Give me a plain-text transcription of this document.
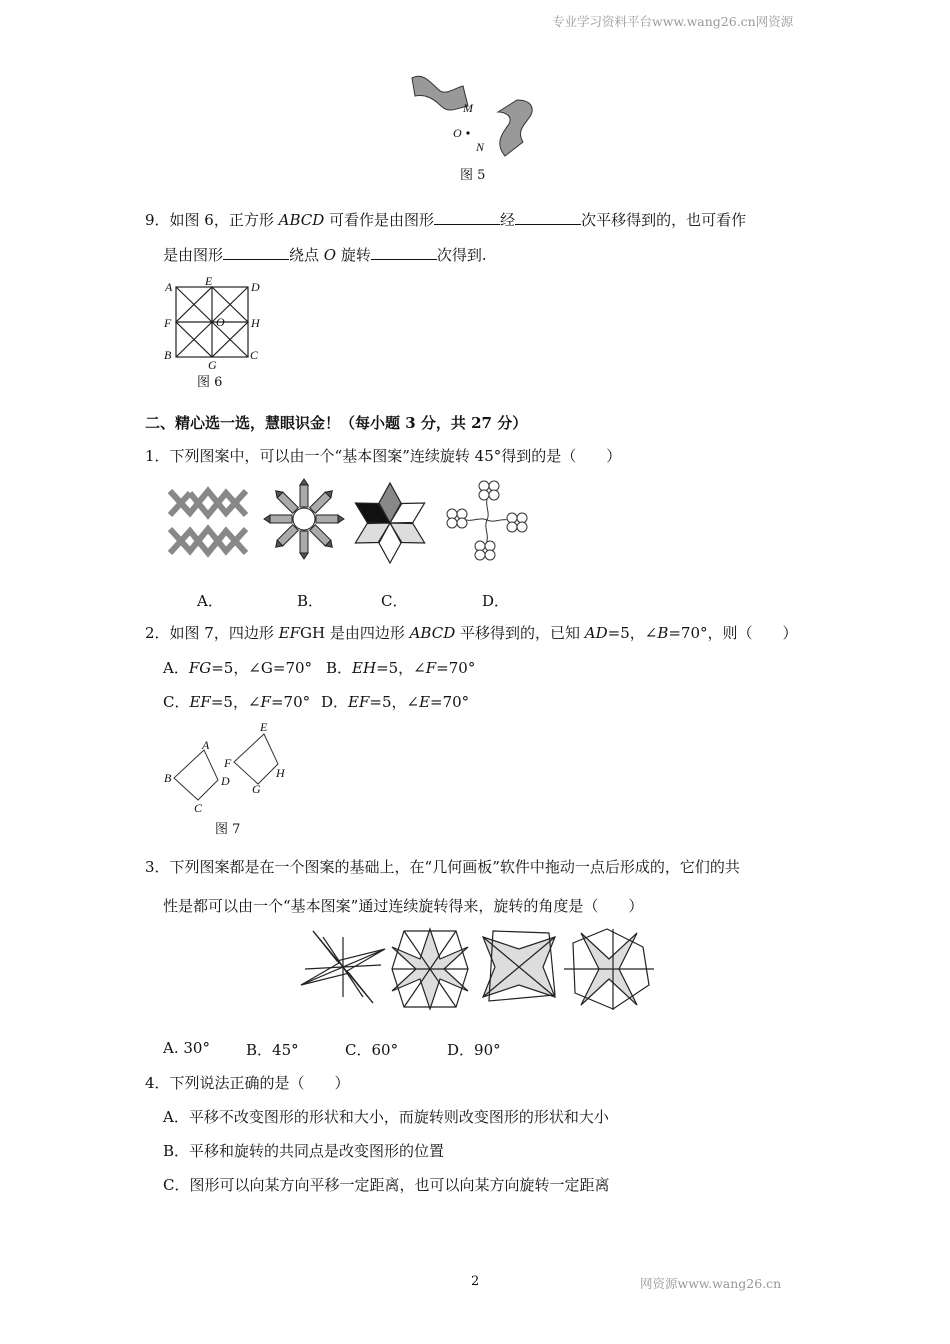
专业学习资料平台www.wang26.cn网资源
2	网资源www.wang26.cn
M
O
N
图 5
9．如图 6，正方形 ABCD 可看作是由图形	经	次平移得到的，也可看作
是由图形	绕点 O 旋转	次得到.
A	E	D
F	O H
B
G
C
图 6
二、精心选一选，慧眼识金！（每小题 3 分，共 27 分）
1．下列图案中，可以由一个“基本图案”连续旋转 45°得到的是（　　）
A．	B．	C．	D．
2．如图 7，四边形 EFGH 是由四边形 ABCD 平移得到的，已知 AD=5，∠B=70°，则（　　）
A．FG=5，∠G=70° B．EH=5，∠F=70°
C．EF=5，∠F=70° D．EF=5，∠E=70°
A
B
C
D
E
F
G
H
图 7
3．下列图案都是在一个图案的基础上，在“几何画板”软件中拖动一点后形成的，它们的共
性是都可以由一个“基本图案”通过连续旋转得来，旋转的角度是（　　）
A. 30° B．45°	C．60°	D．90°
4．下列说法正确的是（　　）
A．平移不改变图形的形状和大小，而旋转则改变图形的形状和大小
B．平移和旋转的共同点是改变图形的位置
C．图形可以向某方向平移一定距离，也可以向某方向旋转一定距离
